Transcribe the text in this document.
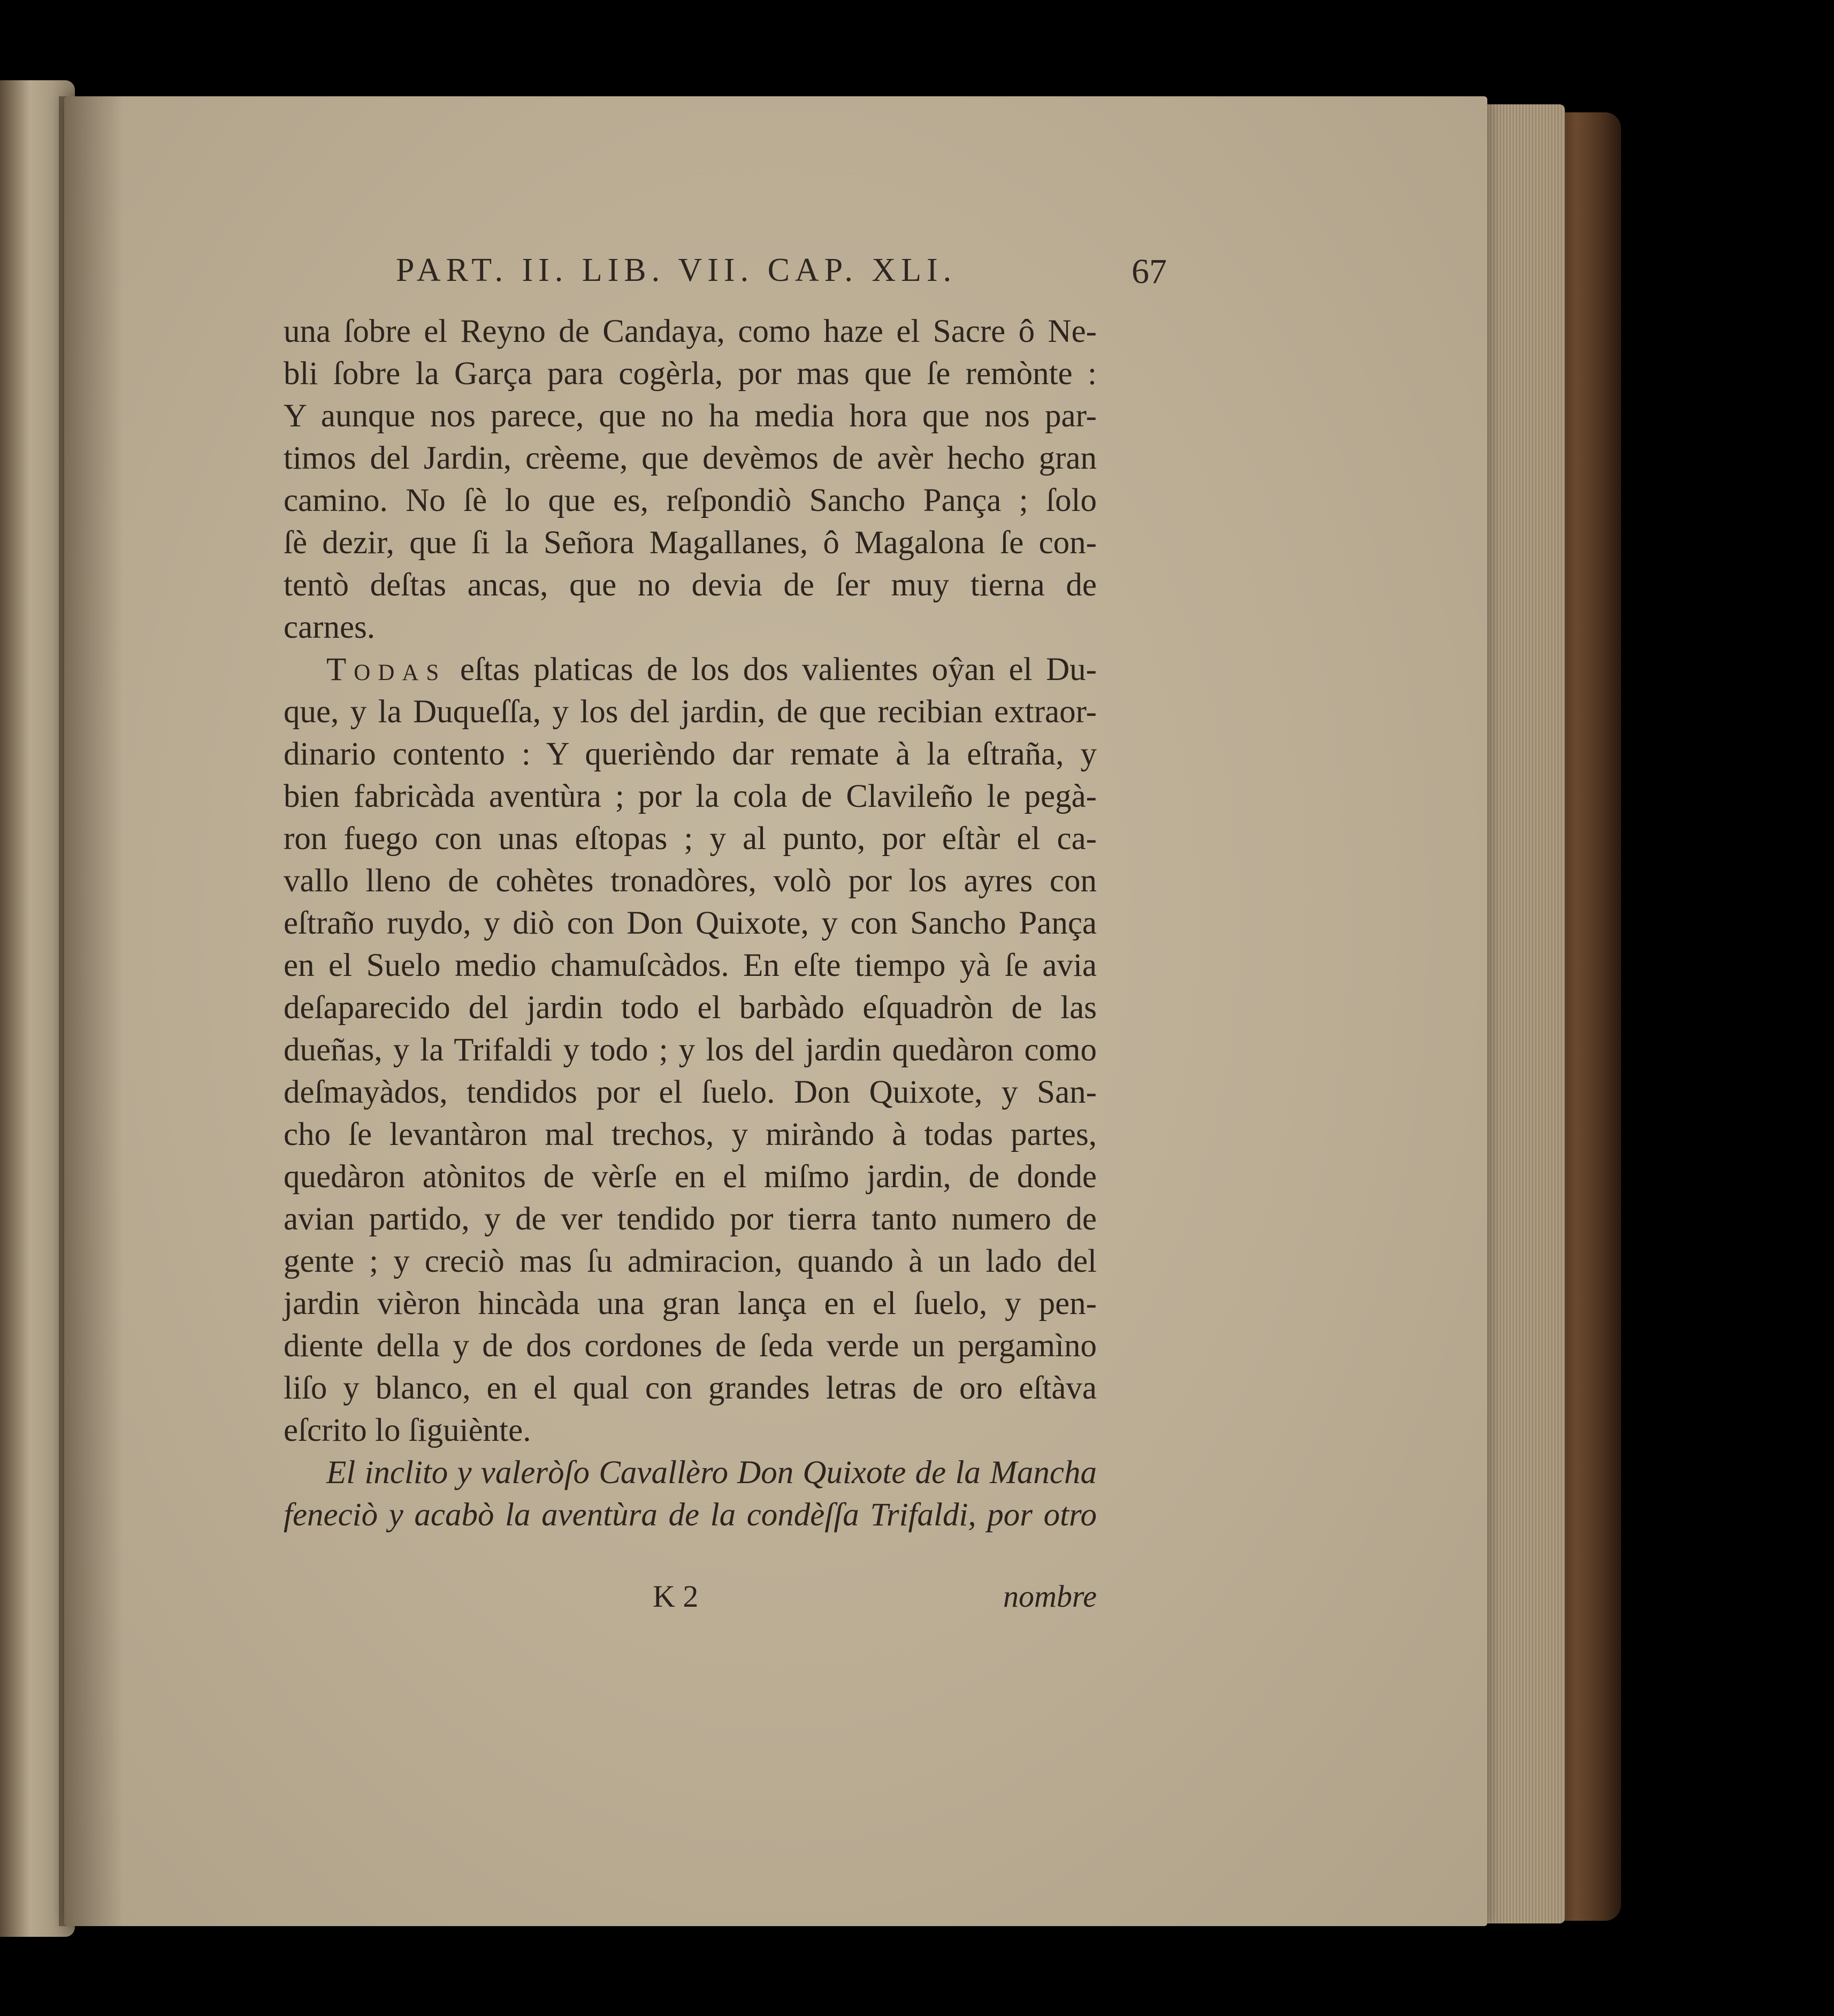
PART. II. LIB. VII. CAP. XLI.	67
una ſobre el Reyno de Candaya, como haze el Sacre ô Ne-
bli ſobre la Garça para cogèrla, por mas que ſe remònte :
Y aunque nos parece, que no ha media hora que nos par-
timos del Jardin, crèeme, que devèmos de avèr hecho gran
camino. No ſè lo que es, reſpondiò Sancho Pança ; ſolo
ſè dezir, que ſi la Señora Magallanes, ô Magalona ſe con-
tentò deſtas ancas, que no devia de ſer muy tierna de
carnes.
Todas eſtas platicas de los dos valientes oŷan el Du-
que, y la Duqueſſa, y los del jardin, de que recibian extraor-
dinario contento : Y querièndo dar remate à la eſtraña, y
bien fabricàda aventùra ; por la cola de Clavileño le pegà-
ron fuego con unas eſtopas ; y al punto, por eſtàr el ca-
vallo lleno de cohètes tronadòres, volò por los ayres con
eſtraño ruydo, y diò con Don Quixote, y con Sancho Pança
en el Suelo medio chamuſcàdos. En eſte tiempo yà ſe avia
deſaparecido del jardin todo el barbàdo eſquadròn de las
dueñas, y la Trifaldi y todo ; y los del jardin quedàron como
deſmayàdos, tendidos por el ſuelo. Don Quixote, y San-
cho ſe levantàron mal trechos, y miràndo à todas partes,
quedàron atònitos de vèrſe en el miſmo jardin, de donde
avian partido, y de ver tendido por tierra tanto numero de
gente ; y creciò mas ſu admiracion, quando à un lado del
jardin vièron hincàda una gran lança en el ſuelo, y pen-
diente della y de dos cordones de ſeda verde un pergamìno
liſo y blanco, en el qual con grandes letras de oro eſtàva
eſcrito lo ſiguiènte.
El inclito y valeròſo Cavallèro Don Quixote de la Mancha
feneciò y acabò la aventùra de la condèſſa Trifaldi, por otro
K 2	nombre
